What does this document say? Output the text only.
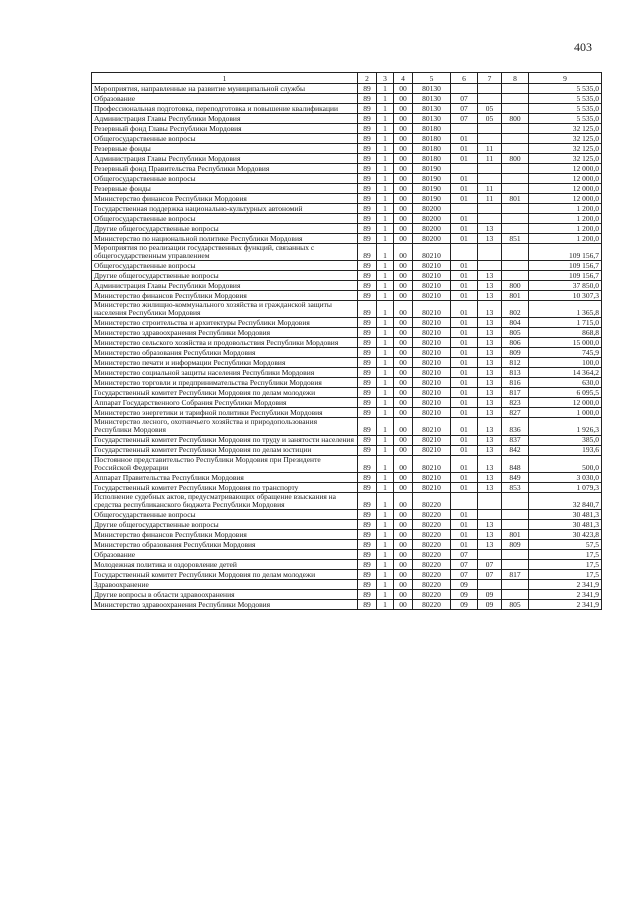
403
1	2	3	4	5	6	7	8	9
Мероприятия, направленные на развитие муниципальной службы	89	1	00	80130				5 535,0
Образование	89	1	00	80130	07			5 535,0
Профессиональная подготовка, переподготовка и повышение квалификации	89	1	00	80130	07	05		5 535,0
Администрация Главы Республики Мордовия	89	1	00	80130	07	05	800	5 535,0
Резервный фонд Главы Республики Мордовия	89	1	00	80180				32 125,0
Общегосударственные вопросы	89	1	00	80180	01			32 125,0
Резервные фонды	89	1	00	80180	01	11		32 125,0
Администрация Главы Республики Мордовия	89	1	00	80180	01	11	800	32 125,0
Резервный фонд Правительства Республики Мордовия	89	1	00	80190				12 000,0
Общегосударственные вопросы	89	1	00	80190	01			12 000,0
Резервные фонды	89	1	00	80190	01	11		12 000,0
Министерство финансов Республики Мордовия	89	1	00	80190	01	11	801	12 000,0
Государственная поддержка национально-культурных автономий	89	1	00	80200				1 200,0
Общегосударственные вопросы	89	1	00	80200	01			1 200,0
Другие общегосударственные вопросы	89	1	00	80200	01	13		1 200,0
Министерство по национальной политике Республики Мордовия	89	1	00	80200	01	13	851	1 200,0
Мероприятия по реализации государственных функций, связанных с общегосударственным управлением	89	1	00	80210				109 156,7
Общегосударственные вопросы	89	1	00	80210	01			109 156,7
Другие общегосударственные вопросы	89	1	00	80210	01	13		109 156,7
Администрация Главы Республики Мордовия	89	1	00	80210	01	13	800	37 850,0
Министерство финансов Республики Мордовия	89	1	00	80210	01	13	801	10 307,3
Министерство жилищно-коммунального хозяйства и гражданской защиты населения Республики Мордовия	89	1	00	80210	01	13	802	1 365,8
Министерство строительства и архитектуры Республики Мордовия	89	1	00	80210	01	13	804	1 715,0
Министерство здравоохранения Республики Мордовия	89	1	00	80210	01	13	805	868,8
Министерство сельского хозяйства и продовольствия Республики Мордовия	89	1	00	80210	01	13	806	15 000,0
Министерство образования Республики Мордовия	89	1	00	80210	01	13	809	745,9
Министерство печати и информации Республики Мордовия	89	1	00	80210	01	13	812	100,0
Министерство социальной защиты населения Республики Мордовия	89	1	00	80210	01	13	813	14 364,2
Министерство торговли и предпринимательства Республики Мордовия	89	1	00	80210	01	13	816	630,0
Государственный комитет Республики Мордовия по делам молодежи	89	1	00	80210	01	13	817	6 095,5
Аппарат Государственного Собрания Республики Мордовия	89	1	00	80210	01	13	823	12 000,0
Министерство энергетики и тарифной политики Республики Мордовия	89	1	00	80210	01	13	827	1 000,0
Министерство лесного, охотничьего хозяйства и природопользования Республики Мордовия	89	1	00	80210	01	13	836	1 926,3
Государственный комитет Республики Мордовия по труду и занятости населения	89	1	00	80210	01	13	837	385,0
Государственный комитет Республики Мордовия по делам юстиции	89	1	00	80210	01	13	842	193,6
Постоянное представительство Республики Мордовия при Президенте Российской Федерации	89	1	00	80210	01	13	848	500,0
Аппарат Правительства Республики Мордовия	89	1	00	80210	01	13	849	3 030,0
Государственный комитет Республики Мордовия по транспорту	89	1	00	80210	01	13	853	1 079,3
Исполнение судебных актов, предусматривающих обращение взыскания на средства республиканского бюджета Республики Мордовия	89	1	00	80220				32 840,7
Общегосударственные вопросы	89	1	00	80220	01			30 481,3
Другие общегосударственные вопросы	89	1	00	80220	01	13		30 481,3
Министерство финансов Республики Мордовия	89	1	00	80220	01	13	801	30 423,8
Министерство образования Республики Мордовия	89	1	00	80220	01	13	809	57,5
Образование	89	1	00	80220	07			17,5
Молодежная политика и оздоровление детей	89	1	00	80220	07	07		17,5
Государственный комитет Республики Мордовия по делам молодежи	89	1	00	80220	07	07	817	17,5
Здравоохранение	89	1	00	80220	09			2 341,9
Другие вопросы в области здравоохранения	89	1	00	80220	09	09		2 341,9
Министерство здравоохранения Республики Мордовия	89	1	00	80220	09	09	805	2 341,9
